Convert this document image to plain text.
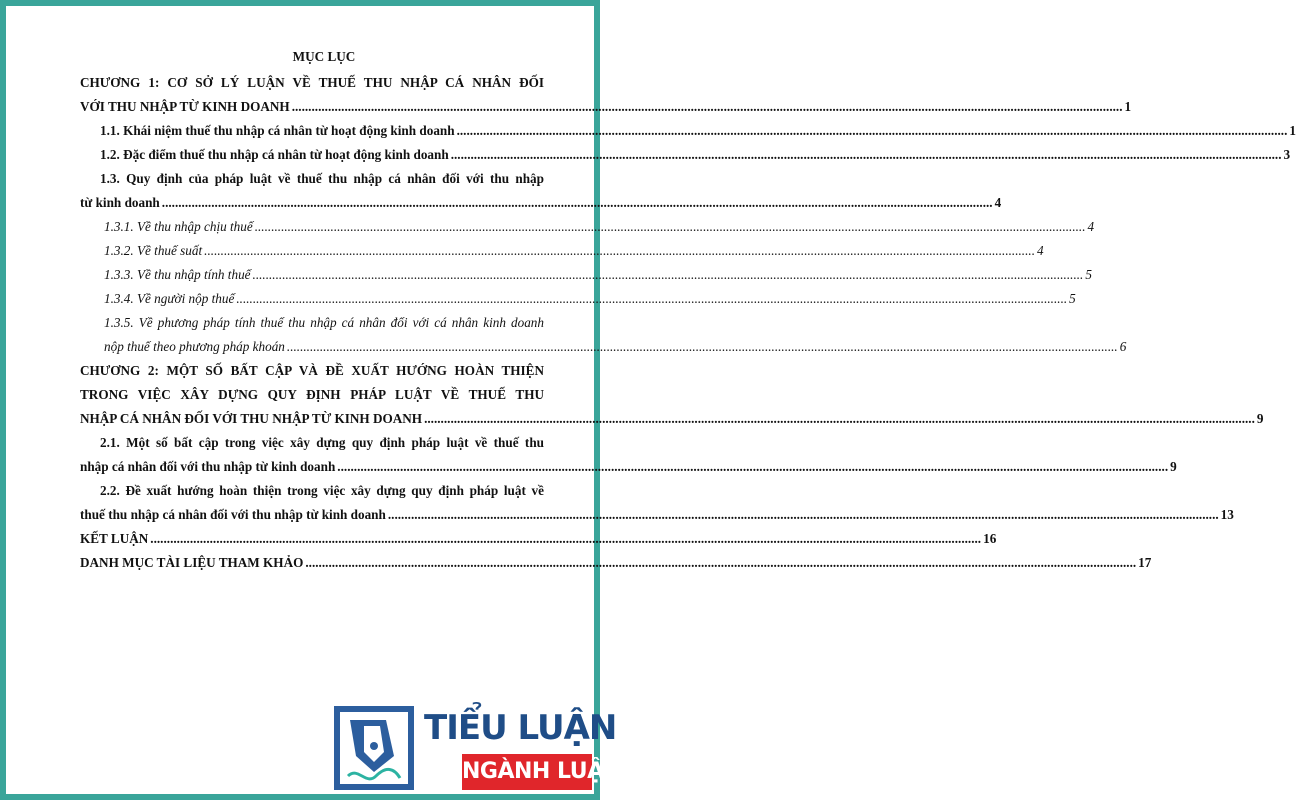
MỤC LỤC
CHƯƠNG 1: CƠ SỞ LÝ LUẬN VỀ THUẾ THU NHẬP CÁ NHÂN ĐỐI
VỚI THU NHẬP TỪ KINH DOANH .....	1
1.1. Khái niệm thuế thu nhập cá nhân từ hoạt động kinh doanh .....	1
1.2. Đặc điểm thuế thu nhập cá nhân từ hoạt động kinh doanh .....	3
1.3. Quy định của pháp luật về thuế thu nhập cá nhân đối với thu nhập
từ kinh doanh .....	4
1.3.1. Về thu nhập chịu thuế .....	4
1.3.2. Về thuế suất .....	4
1.3.3. Về thu nhập tính thuế .....	5
1.3.4. Về người nộp thuế .....	5
1.3.5. Về phương pháp tính thuế thu nhập cá nhân đối với cá nhân kinh doanh
nộp thuế theo phương pháp khoán .....	6
CHƯƠNG 2: MỘT SỐ BẤT CẬP VÀ ĐỀ XUẤT HƯỚNG HOÀN THIỆN
TRONG VIỆC XÂY DỰNG QUY ĐỊNH PHÁP LUẬT VỀ THUẾ THU
NHẬP CÁ NHÂN ĐỐI VỚI THU NHẬP TỪ KINH DOANH .....	9
2.1. Một số bất cập trong việc xây dựng quy định pháp luật về thuế thu
nhập cá nhân đối với thu nhập từ kinh doanh .....	9
2.2. Đề xuất hướng hoàn thiện trong việc xây dựng quy định pháp luật về
thuế thu nhập cá nhân đối với thu nhập từ kinh doanh .....	13
KẾT LUẬN .....	16
DANH MỤC TÀI LIỆU THAM KHẢO .....	17
TIỂU LUẬN
NGÀNH LUẬT
